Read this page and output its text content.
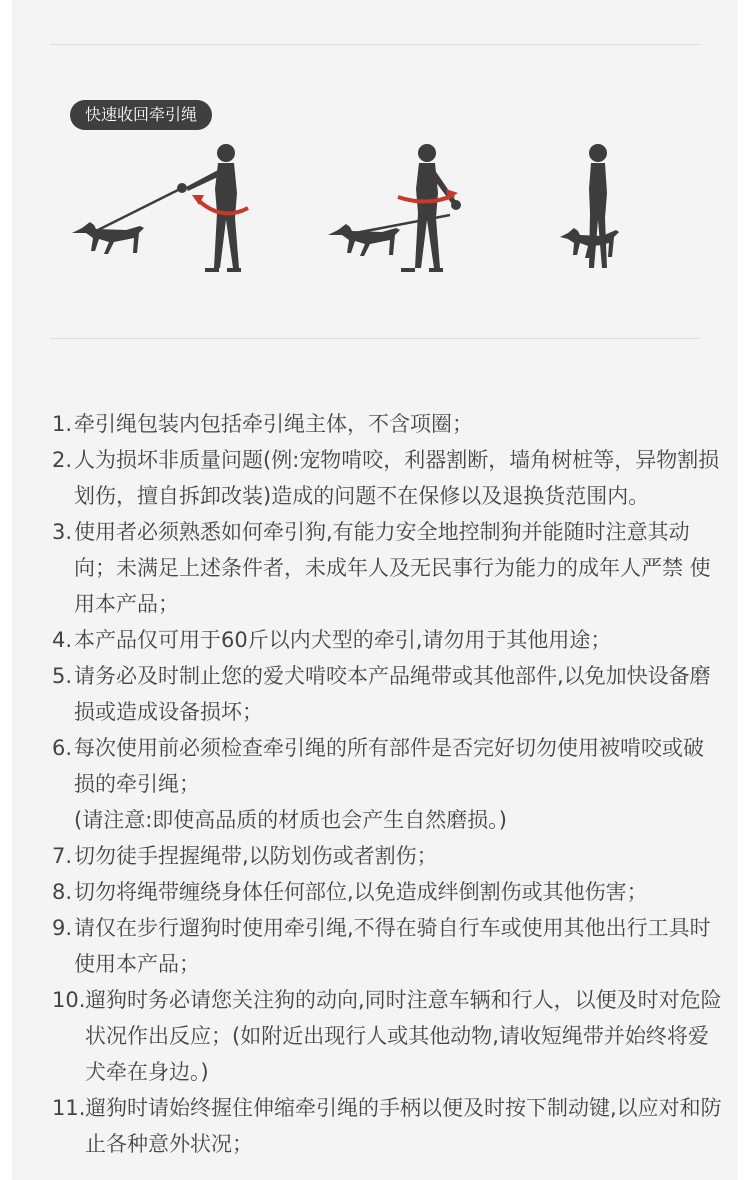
快速收回牵引绳
1. 牵引绳包装内包括牵引绳主体，不含项圈；
2. 人为损坏非质量问题(例:宠物啃咬，利器割断，墙角树桩等，异物割损划伤，擅自拆卸改装)造成的问题不在保修以及退换货范围内。
3. 使用者必须熟悉如何牵引狗,有能力安全地控制狗并能随时注意其动向；未满足上述条件者，未成年人及无民事行为能力的成年人严禁 使用本产品；
4. 本产品仅可用于60斤以内犬型的牵引,请勿用于其他用途；
5. 请务必及时制止您的爱犬啃咬本产品绳带或其他部件,以免加快设备磨损或造成设备损坏；
6. 每次使用前必须检查牵引绳的所有部件是否完好切勿使用被啃咬或破损的牵引绳；
(请注意:即使高品质的材质也会产生自然磨损。)
7. 切勿徒手捏握绳带,以防划伤或者割伤；
8. 切勿将绳带缠绕身体任何部位,以免造成绊倒割伤或其他伤害；
9. 请仅在步行遛狗时使用牵引绳,不得在骑自行车或使用其他出行工具时使用本产品；
10. 遛狗时务必请您关注狗的动向,同时注意车辆和行人，以便及时对危险状况作出反应；(如附近出现行人或其他动物,请收短绳带并始终将爱犬牵在身边。)
11. 遛狗时请始终握住伸缩牵引绳的手柄以便及时按下制动键,以应对和防止各种意外状况；
